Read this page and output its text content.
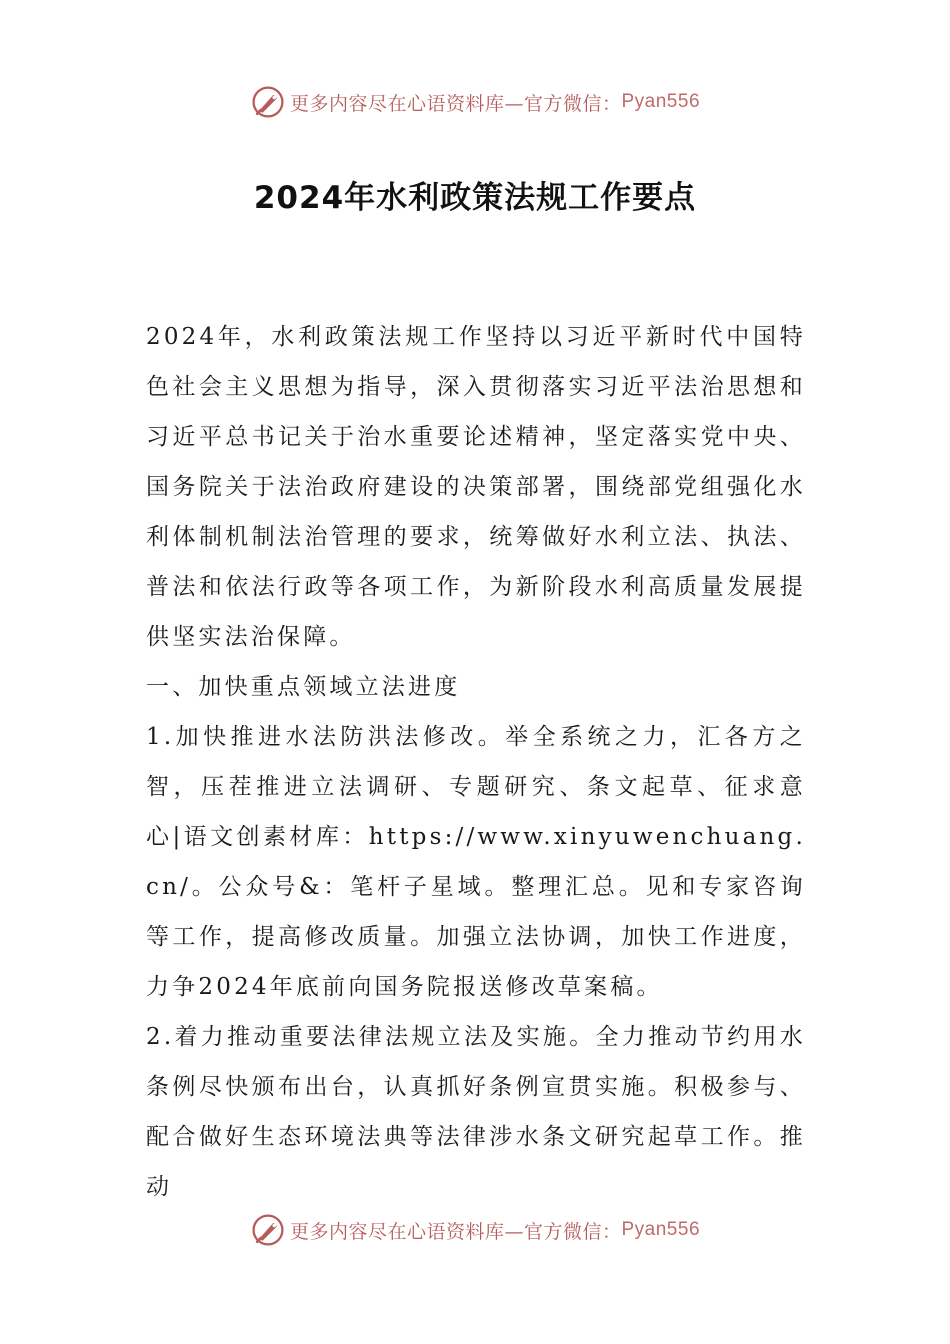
更多内容尽在心语资料库—官方微信： Pyan556
2024年水利政策法规工作要点

2024年，水利政策法规工作坚持以习近平新时代中国特色社会主义思想为指导，深入贯彻落实习近平法治思想和习近平总书记关于治水重要论述精神，坚定落实党中央、国务院关于法治政府建设的决策部署，围绕部党组强化水利体制机制法治管理的要求，统筹做好水利立法、执法、普法和依法行政等各项工作，为新阶段水利高质量发展提供坚实法治保障。

一、加快重点领域立法进度

1.加快推进水法防洪法修改。举全系统之力，汇各方之智，压茬推进立法调研、专题研究、条文起草、征求意心|语文创素材库：https://www.xinyuwenchuang.cn/。公众号&：笔杆子星域。整理汇总。见和专家咨询等工作，提高修改质量。加强立法协调，加快工作进度，力争2024年底前向国务院报送修改草案稿。

2.着力推动重要法律法规立法及实施。全力推动节约用水条例尽快颁布出台，认真抓好条例宣贯实施。积极参与、配合做好生态环境法典等法律涉水条文研究起草工作。推动

更多内容尽在心语资料库—官方微信： Pyan556
